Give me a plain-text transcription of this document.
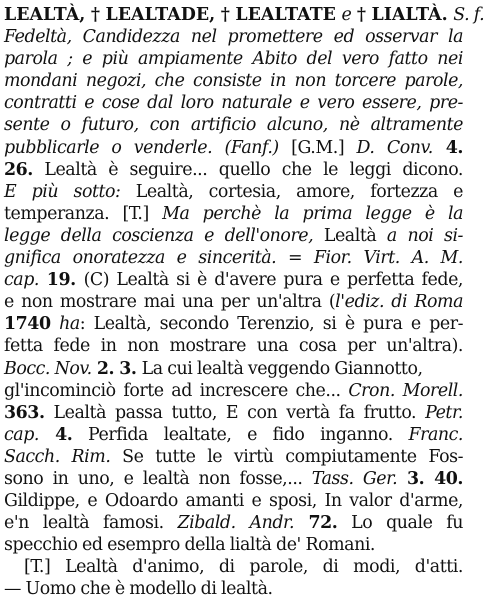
LEALTÀ, † LEALTADE, † LEALTATE e † LIALTÀ. S. f.
Fedeltà, Candidezza nel promettere ed osservar la
parola ; e più ampiamente Abito del vero fatto nei
mondani negozi, che consiste in non torcere parole,
contratti e cose dal loro naturale e vero essere, pre-
sente o futuro, con artificio alcuno, nè altramente
pubblicarle o venderle. (Fanf.) [G.M.] D. Conv. 4.
26. Lealtà è seguire... quello che le leggi dicono.
E più sotto: Lealtà, cortesia, amore, fortezza e
temperanza. [T.] Ma perchè la prima legge è la
legge della coscienza e dell'onore, Lealtà a noi si-
gnifica onoratezza e sincerità. = Fior. Virt. A. M.
cap. 19. (C) Lealtà si è d'avere pura e perfetta fede,
e non mostrare mai una per un'altra (l'ediz. di Roma
1740 ha: Lealtà, secondo Terenzio, si è pura e per-
fetta fede in non mostrare una cosa per un'altra).
Bocc. Nov. 2. 3. La cui lealtà veggendo Giannotto,
gl'incominciò forte ad increscere che... Cron. Morell.
363. Lealtà passa tutto, E con vertà fa frutto. Petr.
cap. 4. Perfida lealtate, e fido inganno. Franc.
Sacch. Rim. Se tutte le virtù compiutamente Fos-
sono in uno, e lealtà non fosse,... Tass. Ger. 3. 40.
Gildippe, e Odoardo amanti e sposi, In valor d'arme,
e'n lealtà famosi. Zibald. Andr. 72. Lo quale fu
specchio ed esempro della lialtà de' Romani.
[T.] Lealtà d'animo, di parole, di modi, d'atti.
— Uomo che è modello di lealtà.
